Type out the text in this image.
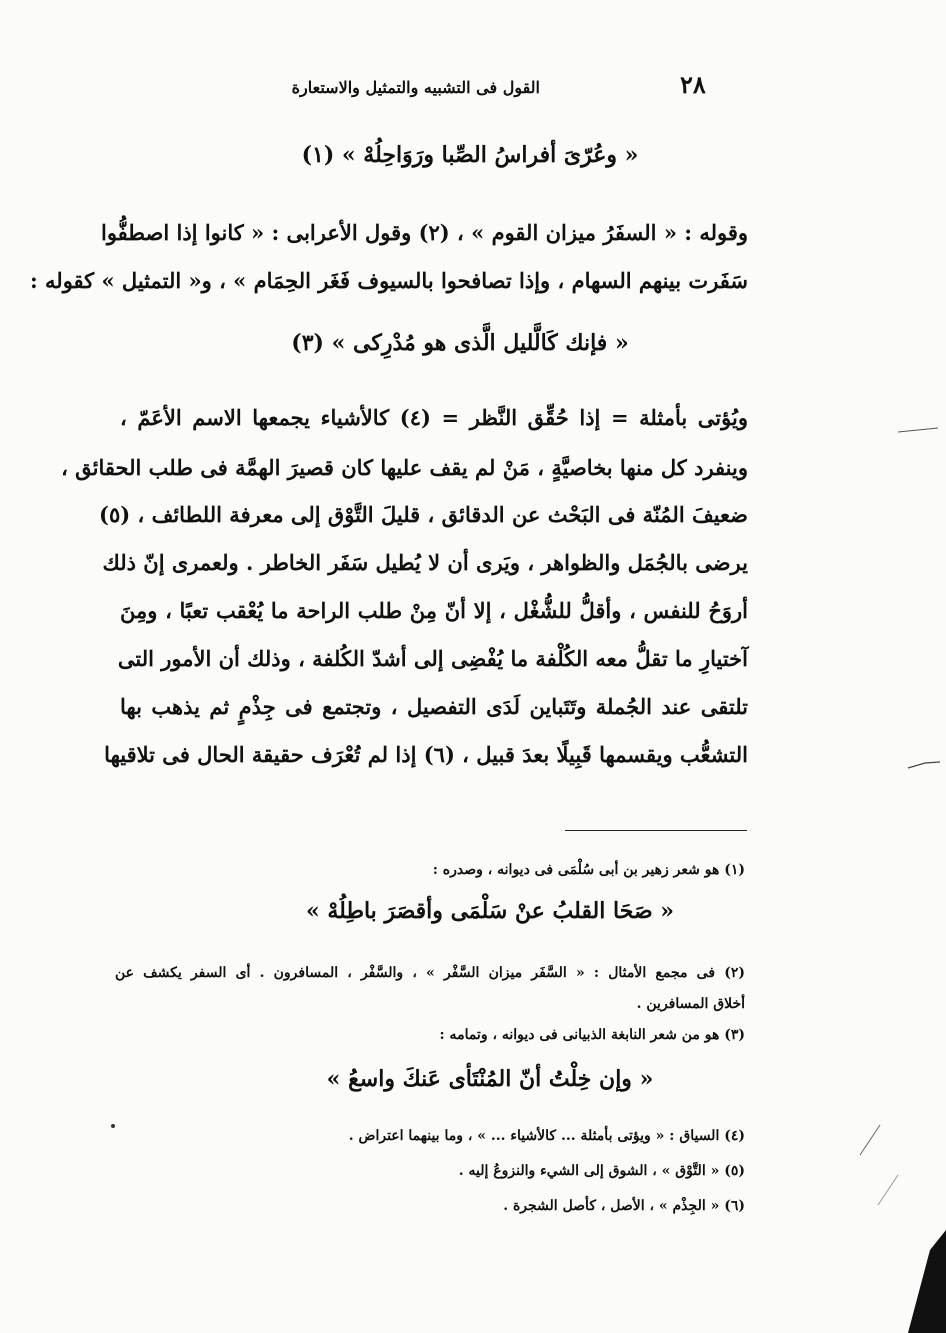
٢٨
القول فى التشبيه والتمثيل والاستعارة
« وعُرّىَ أفراسُ الصِّبا ورَوَاحِلُهْ » (١)
وقوله : « السفَرُ ميزان القوم » ، (٢) وقول الأعرابى : « كانوا إذا اصطفُّوا
سَفَرت بينهم السهام ، وإذا تصافحوا بالسيوف فَغَر الحِمَام » ، و« التمثيل » كقوله :
« فإنك كَالَّليل الَّذى هو مُدْرِكى » (٣)
ويُؤتى بأمثلة = إذا حُقِّق النَّظر = (٤) كالأشياء يجمعها الاسم الأعَمّ ،
وينفرد كل منها بخاصيَّةٍ ، مَنْ لم يقف عليها كان قصيرَ الهمَّة فى طلب الحقائق ،
ضعيفَ المُنّة فى البَحْث عن الدقائق ، قليلَ التَّوْق إلى معرفة اللطائف ، (٥)
يرضى بالجُمَل والظواهر ، ويَرى أن لا يُطيل سَفَر الخاطر . ولعمرى إنّ ذلك
أروَحُ للنفس ، وأقلُّ للشُّغْل ، إلا أنّ مِنْ طلب الراحة ما يُعْقب تعبًا ، ومِنَ
آختيارِ ما تقلُّ معه الكُلْفة ما يُفْضِى إلى أشدّ الكُلفة ، وذلك أن الأمور التى
تلتقى عند الجُملة وتَتَباين لَدَى التفصيل ، وتجتمع فى جِذْمٍ ثم يذهب بها
التشعُّب ويقسمها قَبِيلًا بعدَ قبيل ، (٦) إذا لم تُعْرَف حقيقة الحال فى تلاقيها
(١) هو شعر زهير بن أبى سُلْمَى فى ديوانه ، وصدره :
« صَحَا القلبُ عنْ سَلْمَى وأقصَرَ باطِلُهْ »
(٢) فى مجمع الأمثال : « السَّفَر ميزان السَّفْر » ، والسَّفْر ، المسافرون . أى السفر يكشف عن
أخلاق المسافرين .
(٣) هو من شعر النابغة الذبيانى فى ديوانه ، وتمامه :
« وإن خِلْتُ أنّ المُنْتَأى عَنكَ واسعُ »
(٤) السياق : « ويؤتى بأمثلة ... كالأشياء ... » ، وما بينهما اعتراض .
(٥) « التَّوْق » ، الشوق إلى الشيء والنزوعُ إليه .
(٦) « الجِذْم » ، الأصل ، كأصل الشجرة .
